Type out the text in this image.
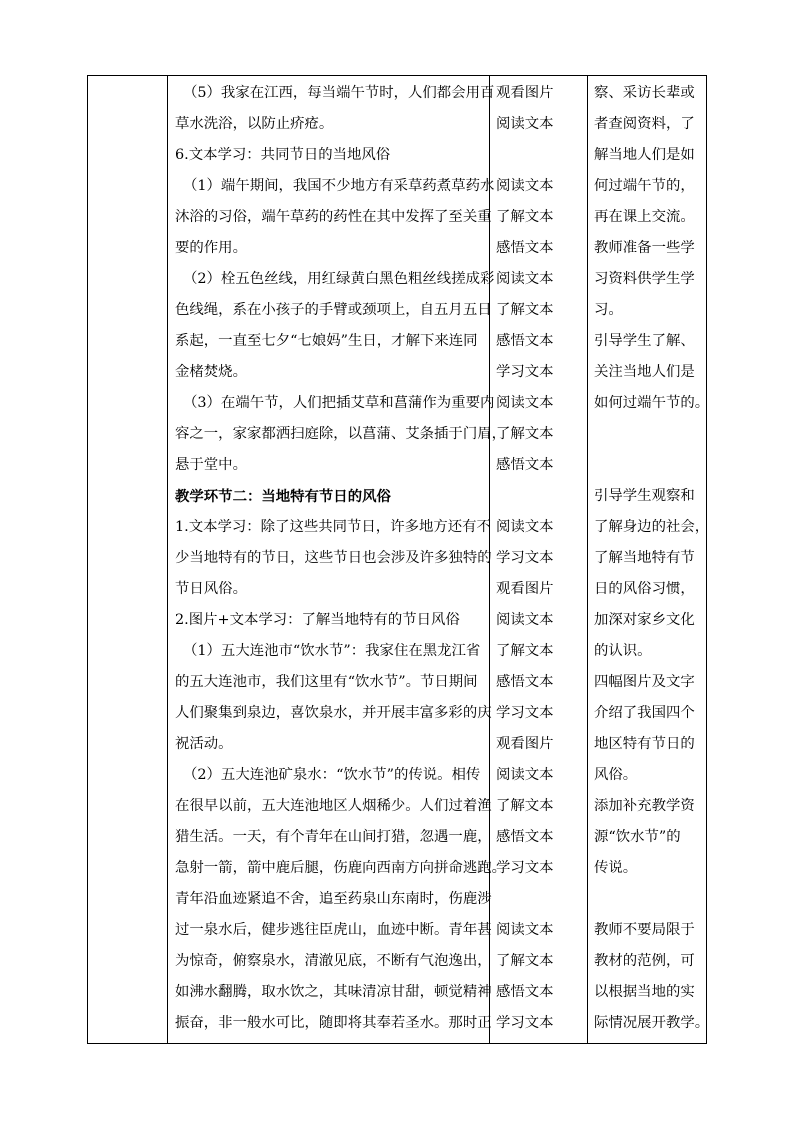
（5）我家在江西，每当端午节时，人们都会用百
草水洗浴，以防止疥疮。
6.文本学习：共同节日的当地风俗
（1）端午期间，我国不少地方有采草药煮草药水
沐浴的习俗，端午草药的药性在其中发挥了至关重
要的作用。
（2）栓五色丝线，用红绿黄白黑色粗丝线搓成彩
色线绳，系在小孩子的手臂或颈项上，自五月五日
系起，一直至七夕“七娘妈”生日，才解下来连同
金楮焚烧。
（3）在端午节，人们把插艾草和菖蒲作为重要内
容之一，家家都洒扫庭除，以菖蒲、艾条插于门眉，
悬于堂中。
教学环节二：当地特有节日的风俗
1.文本学习：除了这些共同节日，许多地方还有不
少当地特有的节日，这些节日也会涉及许多独特的
节日风俗。
2.图片+文本学习：了解当地特有的节日风俗
（1）五大连池市“饮水节”：我家住在黑龙江省
的五大连池市，我们这里有“饮水节”。节日期间
人们聚集到泉边，喜饮泉水，并开展丰富多彩的庆
祝活动。
（2）五大连池矿泉水：“饮水节”的传说。相传
在很早以前，五大连池地区人烟稀少。人们过着渔
猎生活。一天，有个青年在山间打猎，忽遇一鹿，
急射一箭，箭中鹿后腿，伤鹿向西南方向拼命逃跑。
青年沿血迹紧追不舍，追至药泉山东南时，伤鹿涉
过一泉水后，健步逃往臣虎山，血迹中断。青年甚
为惊奇，俯察泉水，清澈见底，不断有气泡逸出，
如沸水翻腾，取水饮之，其味清凉甘甜，顿觉精神
振奋，非一般水可比，随即将其奉若圣水。那时正
观看图片
阅读文本
阅读文本
了解文本
感悟文本
阅读文本
了解文本
感悟文本
学习文本
阅读文本
了解文本
感悟文本
阅读文本
学习文本
观看图片
阅读文本
了解文本
感悟文本
学习文本
观看图片
阅读文本
了解文本
感悟文本
学习文本
阅读文本
了解文本
感悟文本
学习文本
察、采访长辈或
者查阅资料，了
解当地人们是如
何过端午节的，
再在课上交流。
教师准备一些学
习资料供学生学
习。
引导学生了解、
关注当地人们是
如何过端午节的。
引导学生观察和
了解身边的社会，
了解当地特有节
日的风俗习惯，
加深对家乡文化
的认识。
四幅图片及文字
介绍了我国四个
地区特有节日的
风俗。
添加补充教学资
源“饮水节”的
传说。
教师不要局限于
教材的范例，可
以根据当地的实
际情况展开教学。
